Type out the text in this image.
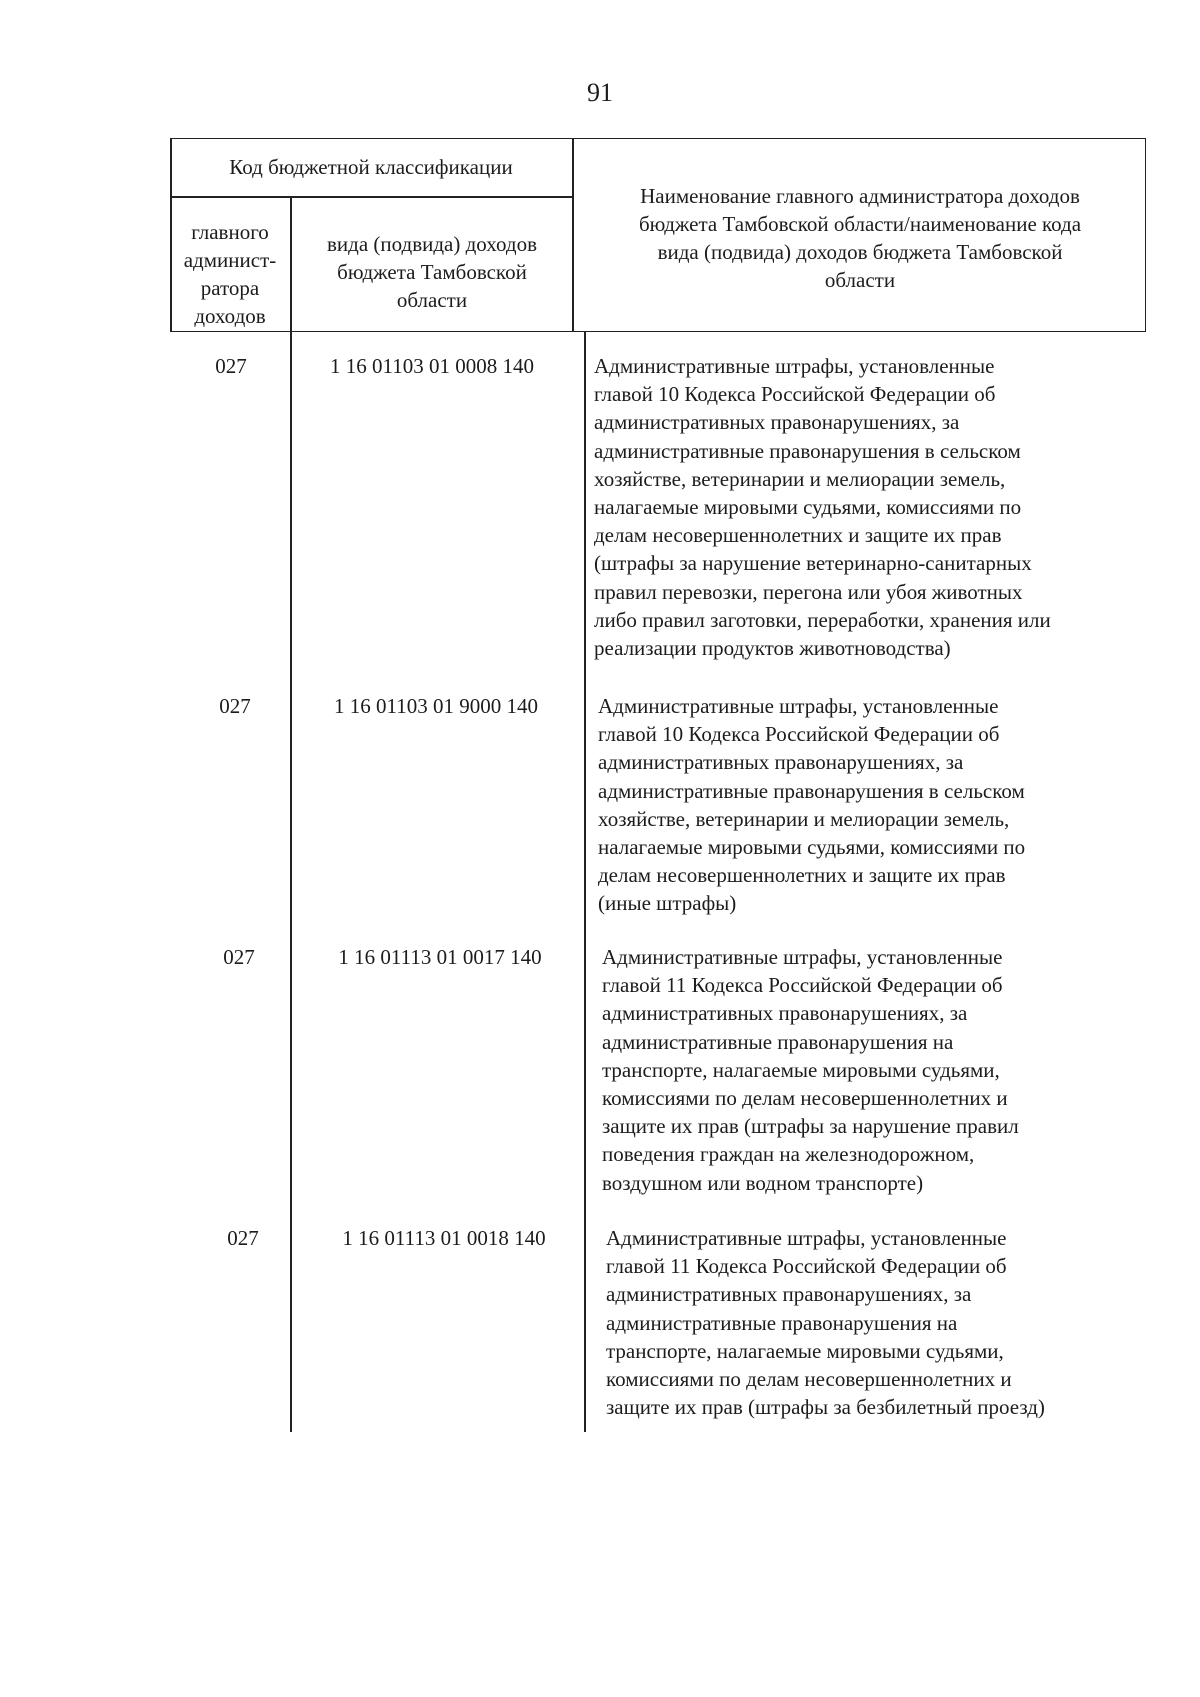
91
Код бюджетной классификации
главного
админист-
ратора
доходов
вида (подвида) доходов
бюджета Тамбовской
области
Наименование главного администратора доходов
бюджета Тамбовской области/наименование кода
вида (подвида) доходов бюджета Тамбовской
области
027	1 16 01103 01 0008 140	Административные штрафы, установленные
главой 10 Кодекса Российской Федерации об
административных правонарушениях, за
административные правонарушения в сельском
хозяйстве, ветеринарии и мелиорации земель,
налагаемые мировыми судьями, комиссиями по
делам несовершеннолетних и защите их прав
(штрафы за нарушение ветеринарно-санитарных
правил перевозки, перегона или убоя животных
либо правил заготовки, переработки, хранения или
реализации продуктов животноводства)
027	1 16 01103 01 9000 140	Административные штрафы, установленные
главой 10 Кодекса Российской Федерации об
административных правонарушениях, за
административные правонарушения в сельском
хозяйстве, ветеринарии и мелиорации земель,
налагаемые мировыми судьями, комиссиями по
делам несовершеннолетних и защите их прав
(иные штрафы)
027	1 16 01113 01 0017 140	Административные штрафы, установленные
главой 11 Кодекса Российской Федерации об
административных правонарушениях, за
административные правонарушения на
транспорте, налагаемые мировыми судьями,
комиссиями по делам несовершеннолетних и
защите их прав (штрафы за нарушение правил
поведения граждан на железнодорожном,
воздушном или водном транспорте)
027	1 16 01113 01 0018 140	Административные штрафы, установленные
главой 11 Кодекса Российской Федерации об
административных правонарушениях, за
административные правонарушения на
транспорте, налагаемые мировыми судьями,
комиссиями по делам несовершеннолетних и
защите их прав (штрафы за безбилетный проезд)
